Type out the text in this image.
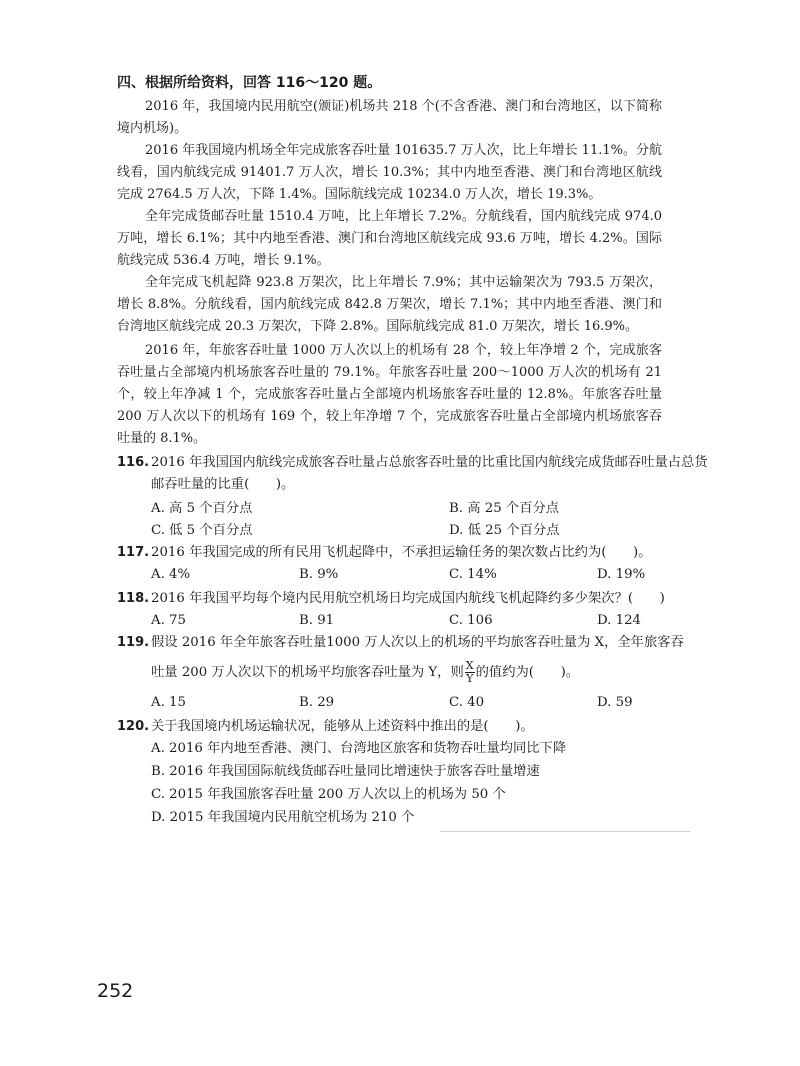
四、根据所给资料，回答 116～120 题。

2016 年，我国境内民用航空(颁证)机场共 218 个(不含香港、澳门和台湾地区，以下简称境内机场)。

2016 年我国境内机场全年完成旅客吞吐量 101635.7 万人次，比上年增长 11.1%。分航线看，国内航线完成 91401.7 万人次，增长 10.3%；其中内地至香港、澳门和台湾地区航线完成 2764.5 万人次，下降 1.4%。国际航线完成 10234.0 万人次，增长 19.3%。

全年完成货邮吞吐量 1510.4 万吨，比上年增长 7.2%。分航线看，国内航线完成 974.0 万吨，增长 6.1%；其中内地至香港、澳门和台湾地区航线完成 93.6 万吨，增长 4.2%。国际航线完成 536.4 万吨，增长 9.1%。

全年完成飞机起降 923.8 万架次，比上年增长 7.9%；其中运输架次为 793.5 万架次，增长 8.8%。分航线看，国内航线完成 842.8 万架次，增长 7.1%；其中内地至香港、澳门和台湾地区航线完成 20.3 万架次，下降 2.8%。国际航线完成 81.0 万架次，增长 16.9%。

2016 年，年旅客吞吐量 1000 万人次以上的机场有 28 个，较上年净增 2 个，完成旅客吞吐量占全部境内机场旅客吞吐量的 79.1%。年旅客吞吐量 200～1000 万人次的机场有 21 个，较上年净减 1 个，完成旅客吞吐量占全部境内机场旅客吞吐量的 12.8%。年旅客吞吐量 200 万人次以下的机场有 169 个，较上年净增 7 个，完成旅客吞吐量占全部境内机场旅客吞吐量的 8.1%。

116. 2016 年我国国内航线完成旅客吞吐量占总旅客吞吐量的比重比国内航线完成货邮吞吐量占总货邮吞吐量的比重(　　)。
A. 高 5 个百分点	B. 高 25 个百分点
C. 低 5 个百分点	D. 低 25 个百分点
117. 2016 年我国完成的所有民用飞机起降中，不承担运输任务的架次数占比约为(　　)。
A. 4%	B. 9%	C. 14%	D. 19%
118. 2016 年我国平均每个境内民用航空机场日均完成国内航线飞机起降约多少架次？(　　)
A. 75	B. 91	C. 106	D. 124
119. 假设 2016 年全年旅客吞吐量1000 万人次以上的机场的平均旅客吞吐量为 X，全年旅客吞
吐量 200 万人次以下的机场平均旅客吞吐量为 Y，则 $\frac{X}{Y}$ 的值约为(　　)。
A. 15	B. 29	C. 40	D. 59
120. 关于我国境内机场运输状况，能够从上述资料中推出的是(　　)。
A. 2016 年内地至香港、澳门、台湾地区旅客和货物吞吐量均同比下降
B. 2016 年我国国际航线货邮吞吐量同比增速快于旅客吞吐量增速
C. 2015 年我国旅客吞吐量 200 万人次以上的机场为 50 个
D. 2015 年我国境内民用航空机场为 210 个
252
